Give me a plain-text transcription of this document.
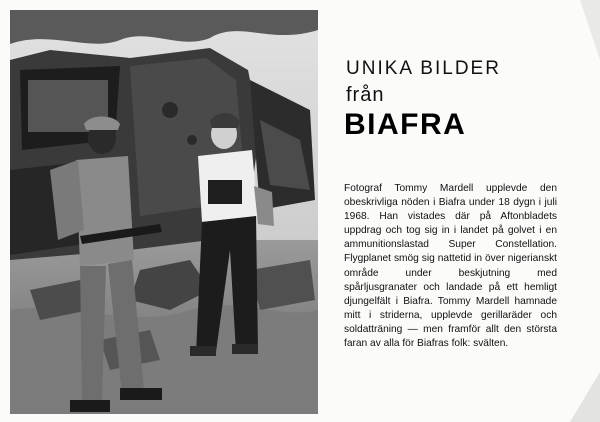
UNIKA BILDER
från
BIAFRA
Fotograf Tommy Mardell upplevde den obeskrivliga nöden i Biafra under 18 dygn i juli 1968. Han vistades där på Aftonbladets uppdrag och tog sig in i landet på golvet i en ammunitionslastad Super Constellation. Flygplanet smög sig nattetid in över nigerianskt område under beskjutning med spårljusgranater och landade på ett hemligt djungelfält i Biafra. Tommy Mardell hamnade mitt i striderna, upplevde gerillaräder och soldatträning — men framför allt den största faran av alla för Biafras folk: svälten.
